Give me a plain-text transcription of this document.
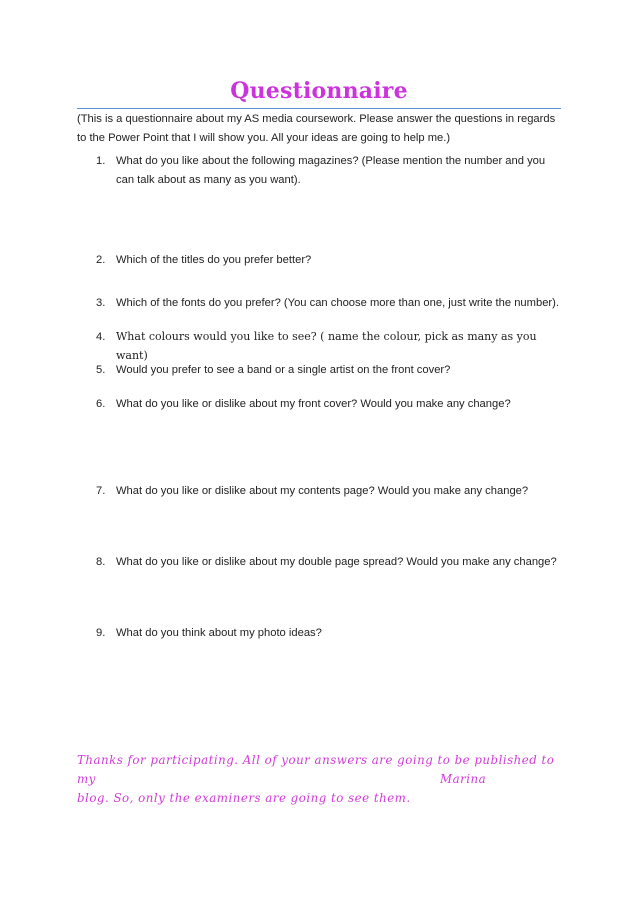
Questionnaire
(This is a questionnaire about my AS media coursework. Please answer the questions in regards to the Power Point that I will show you. All your ideas are going to help me.)
1. What do you like about the following magazines? (Please mention the number and you can talk about as many as you want).
2. Which of the titles do you prefer better?
3. Which of the fonts do you prefer? (You can choose more than one, just write the number).
4. What colours would you like to see? ( name the colour, pick as many as you want)
5. Would you prefer to see a band or a single artist on the front cover?
6. What do you like or dislike about my front cover? Would you make any change?
7. What do you like or dislike about my contents page? Would you make any change?
8. What do you like or dislike about my double page spread? Would you make any change?
9. What do you think about my photo ideas?
Thanks for participating. All of your answers are going to be published to my
blog. So, only the examiners are going to see them.
Marina
